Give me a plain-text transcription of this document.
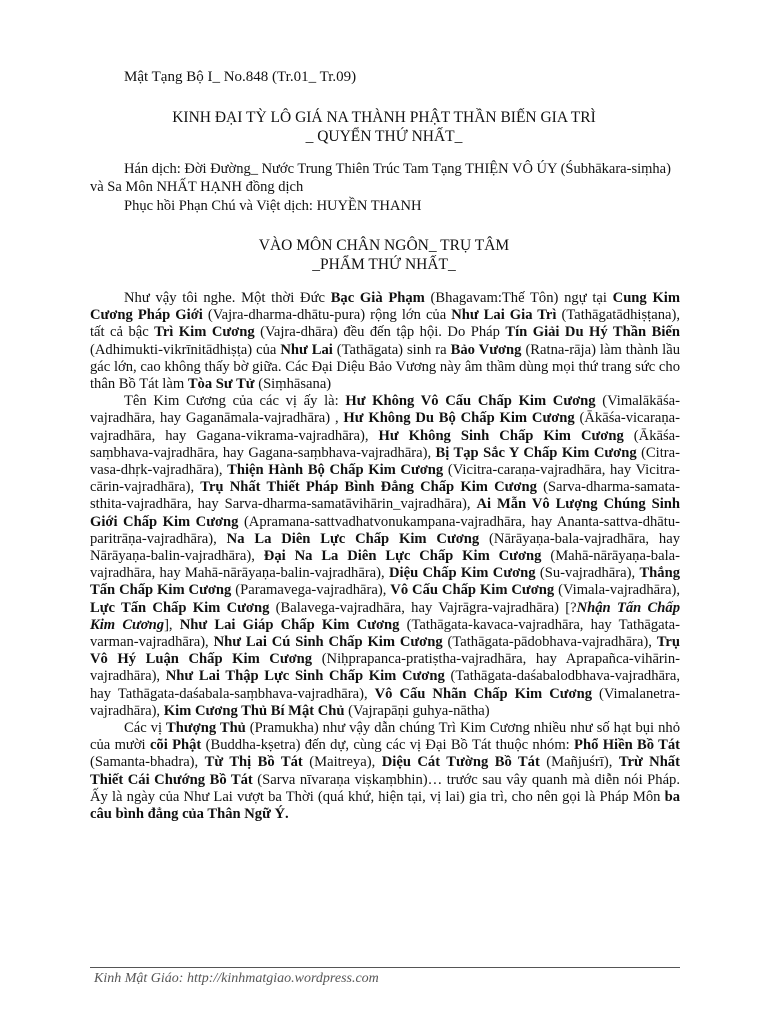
Mật Tạng Bộ I_ No.848 (Tr.01_ Tr.09)
KINH ĐẠI TỲ LÔ GIÁ NA THÀNH PHẬT THẦN BIẾN GIA TRÌ
_ QUYỂN THỨ NHẤT_
Hán dịch: Đời Đường_ Nước Trung Thiên Trúc Tam Tạng THIỆN VÔ ÚY (Śubhākara-siṃha) và Sa Môn NHẤT HẠNH đồng dịch
Phục hồi Phạn Chú và Việt dịch: HUYỀN THANH
VÀO MÔN CHÂN NGÔN_ TRỤ TÂM
_PHẨM THỨ NHẤT_

Như vậy tôi nghe. Một thời Đức Bạc Già Phạm (Bhagavam:Thế Tôn) ngự tại Cung Kim Cương Pháp Giới (Vajra-dharma-dhātu-pura) rộng lớn của Như Lai Gia Trì (Tathāgatādhiṣṭana), tất cả bậc Trì Kim Cương (Vajra-dhāra) đều đến tập hội. Do Pháp Tín Giải Du Hý Thần Biến (Adhimukti-vikrīnitādhiṣṭa) của Như Lai (Tathāgata) sinh ra Bảo Vương (Ratna-rāja) làm thành lầu gác lớn, cao không thấy bờ giữa. Các Đại Diệu Bảo Vương này âm thầm dùng mọi thứ trang sức cho thân Bồ Tát làm Tòa Sư Tử (Siṃhāsana)

Tên Kim Cương của các vị ấy là: Hư Không Vô Cấu Chấp Kim Cương (Vimalākāśa-vajradhāra, hay Gaganāmala-vajradhāra) , Hư Không Du Bộ Chấp Kim Cương (Ākāśa-vicaraṇa-vajradhāra, hay Gagana-vikrama-vajradhāra), Hư Không Sinh Chấp Kim Cương (Ākāśa-saṃbhava-vajradhāra, hay Gagana-saṃbhava-vajradhāra), Bị Tạp Sắc Y Chấp Kim Cương (Citra-vasa-dhṛk-vajradhāra), Thiện Hành Bộ Chấp Kim Cương (Vicitra-caraṇa-vajradhāra, hay Vicitra-cārin-vajradhāra), Trụ Nhất Thiết Pháp Bình Đẳng Chấp Kim Cương (Sarva-dharma-samata-sthita-vajradhāra, hay Sarva-dharma-samatāvihārin_vajradhāra), Ai Mẫn Vô Lượng Chúng Sinh Giới Chấp Kim Cương (Apramana-sattvadhatvonukampana-vajradhāra, hay Ananta-sattva-dhātu-paritrāṇa-vajradhāra), Na La Diên Lực Chấp Kim Cương (Nārāyaṇa-bala-vajradhāra, hay Nārāyaṇa-balin-vajradhāra), Đại Na La Diên Lực Chấp Kim Cương (Mahā-nārāyaṇa-bala-vajradhāra, hay Mahā-nārāyaṇa-balin-vajradhāra), Diệu Chấp Kim Cương (Su-vajradhāra), Thắng Tấn Chấp Kim Cương (Paramavega-vajradhāra), Vô Cấu Chấp Kim Cương (Vimala-vajradhāra), Lực Tấn Chấp Kim Cương (Balavega-vajradhāra, hay Vajrāgra-vajradhāra) [?Nhận Tấn Chấp Kim Cương], Như Lai Giáp Chấp Kim Cương (Tathāgata-kavaca-vajradhāra, hay Tathāgata-varman-vajradhāra), Như Lai Cú Sinh Chấp Kim Cương (Tathāgata-pādobhava-vajradhāra), Trụ Vô Hý Luận Chấp Kim Cương (Niḥprapanca-pratiṣtha-vajradhāra, hay Aprapañca-vihārin-vajradhāra), Như Lai Thập Lực Sinh Chấp Kim Cương (Tathāgata-daśabalodbhava-vajradhāra, hay Tathāgata-daśabala-saṃbhava-vajradhāra), Vô Cấu Nhãn Chấp Kim Cương (Vimalanetra-vajradhāra), Kim Cương Thủ Bí Mật Chủ (Vajrapāṇi guhya-nātha)

Các vị Thượng Thủ (Pramukha) như vậy dẫn chúng Trì Kim Cương nhiều như số hạt bụi nhỏ của mười cõi Phật (Buddha-kṣetra) đến dự, cùng các vị Đại Bồ Tát thuộc nhóm: Phổ Hiền Bồ Tát (Samanta-bhadra), Từ Thị Bồ Tát (Maitreya), Diệu Cát Tường Bồ Tát (Mañjuśrī), Trừ Nhất Thiết Cái Chướng Bồ Tát (Sarva nīvaraṇa viṣkaṃbhin)… trước sau vây quanh mà diễn nói Pháp. Ấy là ngày của Như Lai vượt ba Thời (quá khứ, hiện tại, vị lai) gia trì, cho nên gọi là Pháp Môn ba câu bình đẳng của Thân Ngữ Ý.

Kinh Mật Giáo: http://kinhmatgiao.wordpress.com
